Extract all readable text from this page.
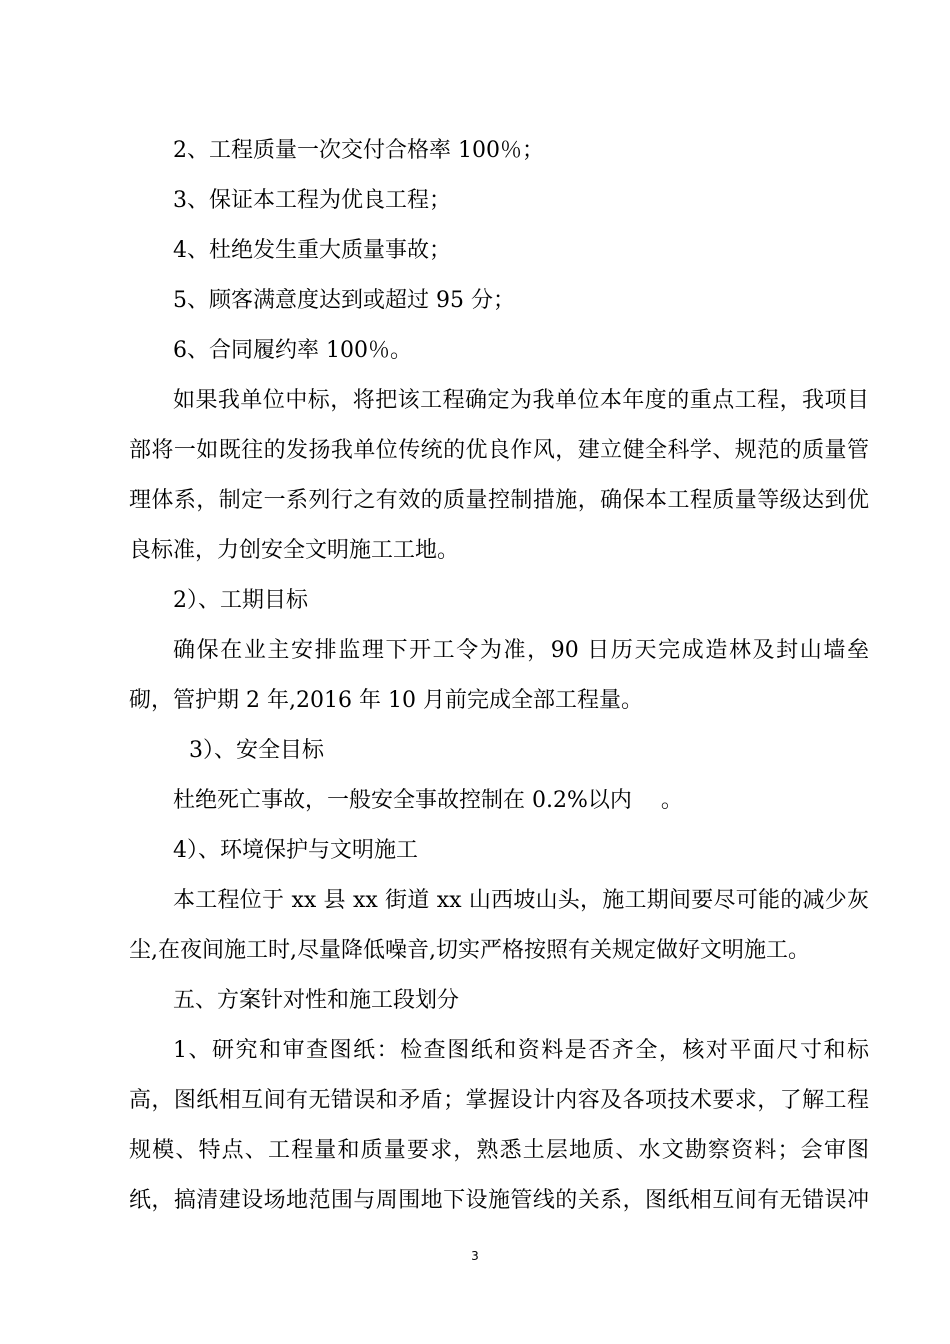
2、工程质量一次交付合格率 100％；
3、保证本工程为优良工程；
4、杜绝发生重大质量事故；
5、顾客满意度达到或超过 95 分；
6、合同履约率 100％。
如果我单位中标，将把该工程确定为我单位本年度的重点工程，我项目
部将一如既往的发扬我单位传统的优良作风，建立健全科学、规范的质量管
理体系，制定一系列行之有效的质量控制措施，确保本工程质量等级达到优
良标准，力创安全文明施工工地。
2）、工期目标
确保在业主安排监理下开工令为准，90 日历天完成造林及封山墙垒
砌，管护期 2 年,2016 年 10 月前完成全部工程量。
3）、安全目标
杜绝死亡事故，一般安全事故控制在 0.2%以内　 。
4）、环境保护与文明施工
本工程位于 xx 县 xx 街道 xx 山西坡山头，施工期间要尽可能的减少灰
尘,在夜间施工时,尽量降低噪音,切实严格按照有关规定做好文明施工。
五、方案针对性和施工段划分
1、研究和审查图纸：检查图纸和资料是否齐全，核对平面尺寸和标
高，图纸相互间有无错误和矛盾；掌握设计内容及各项技术要求，了解工程
规模、特点、工程量和质量要求，熟悉土层地质、水文勘察资料；会审图
纸，搞清建设场地范围与周围地下设施管线的关系，图纸相互间有无错误冲
3
